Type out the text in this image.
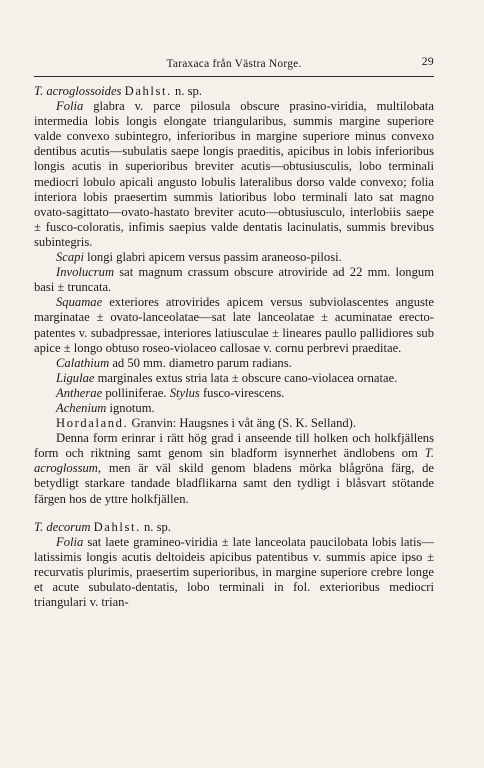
Taraxaca från Västra Norge.	29

T. acroglossoides Dahlst. n. sp.

Folia glabra v. parce pilosula obscure prasino-viridia, multilobata intermedia lobis longis elongate triangularibus, summis margine superiore valde convexo subintegro, inferioribus in margine superiore minus convexo dentibus acutis—subulatis saepe longis praeditis, apicibus in lobis inferioribus longis acutis in superioribus breviter acutis—obtusiusculis, lobo terminali mediocri lobulo apicali angusto lobulis lateralibus dorso valde convexo; folia interiora lobis praesertim summis latioribus lobo terminali lato sat magno ovato-sagittato—ovato-hastato breviter acuto—obtusiusculo, interlobiis saepe ± fusco-coloratis, infimis saepius valde dentatis lacinulatis, summis brevibus subintegris.

Scapi longi glabri apicem versus passim araneoso-pilosi.

Involucrum sat magnum crassum obscure atroviride ad 22 mm. longum basi ± truncata.

Squamae exteriores atrovirides apicem versus subviolascentes anguste marginatae ± ovato-lanceolatae—sat late lanceolatae ± acuminatae erecto-patentes v. subadpressae, interiores latiusculae ± lineares paullo pallidiores sub apice ± longo obtuso roseo-violaceo callosae v. cornu perbrevi praeditae.

Calathium ad 50 mm. diametro parum radians.

Ligulae marginales extus stria lata ± obscure cano-violacea ornatae.

Antherae polliniferae. Stylus fusco-virescens.

Achenium ignotum.

Hordaland. Granvin: Haugsnes i våt äng (S. K. Selland).

Denna form erinrar i rätt hög grad i anseende till holken och holkfjällens form och riktning samt genom sin bladform isynnerhet ändlobens om T. acroglossum, men är väl skild genom bladens mörka blågröna färg, de betydligt starkare tandade bladflikarna samt den tydligt i blåsvart stötande färgen hos de yttre holkfjällen.

T. decorum Dahlst. n. sp.

Folia sat laete gramineo-viridia ± late lanceolata paucilobata lobis latis—latissimis longis acutis deltoideis apicibus patentibus v. summis apice ipso ± recurvatis plurimis, praesertim superioribus, in margine superiore crebre longe et acute subulato-dentatis, lobo terminali in fol. exterioribus mediocri triangulari v. trian-
